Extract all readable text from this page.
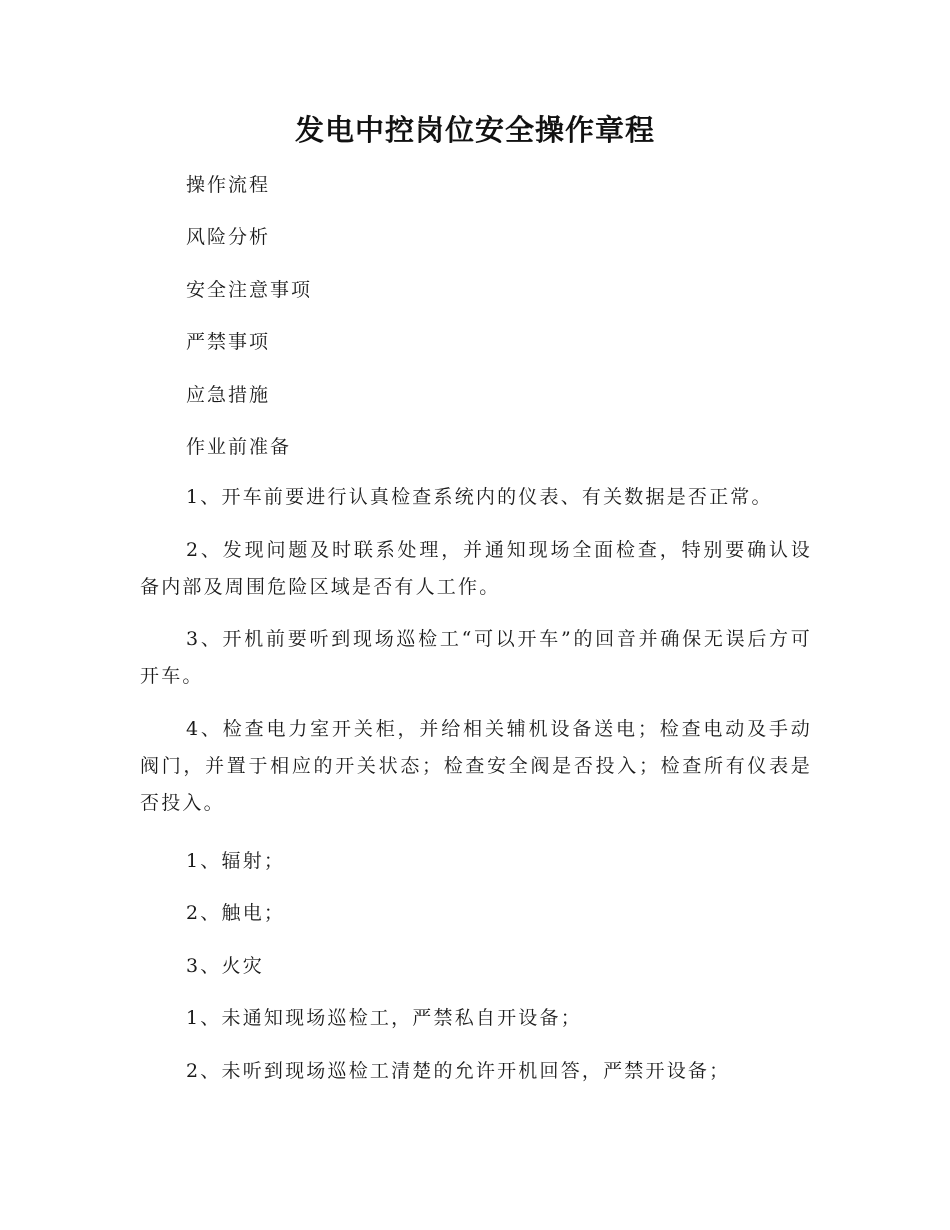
发电中控岗位安全操作章程
操作流程
风险分析
安全注意事项
严禁事项
应急措施
作业前准备
1、开车前要进行认真检查系统内的仪表、有关数据是否正常。
2、发现问题及时联系处理，并通知现场全面检查，特别要确认设备内部及周围危险区域是否有人工作。
3、开机前要听到现场巡检工“可以开车”的回音并确保无误后方可开车。
4、检查电力室开关柜，并给相关辅机设备送电；检查电动及手动阀门，并置于相应的开关状态；检查安全阀是否投入；检查所有仪表是否投入。
1、辐射；
2、触电；
3、火灾
1、未通知现场巡检工，严禁私自开设备；
2、未听到现场巡检工清楚的允许开机回答，严禁开设备；
